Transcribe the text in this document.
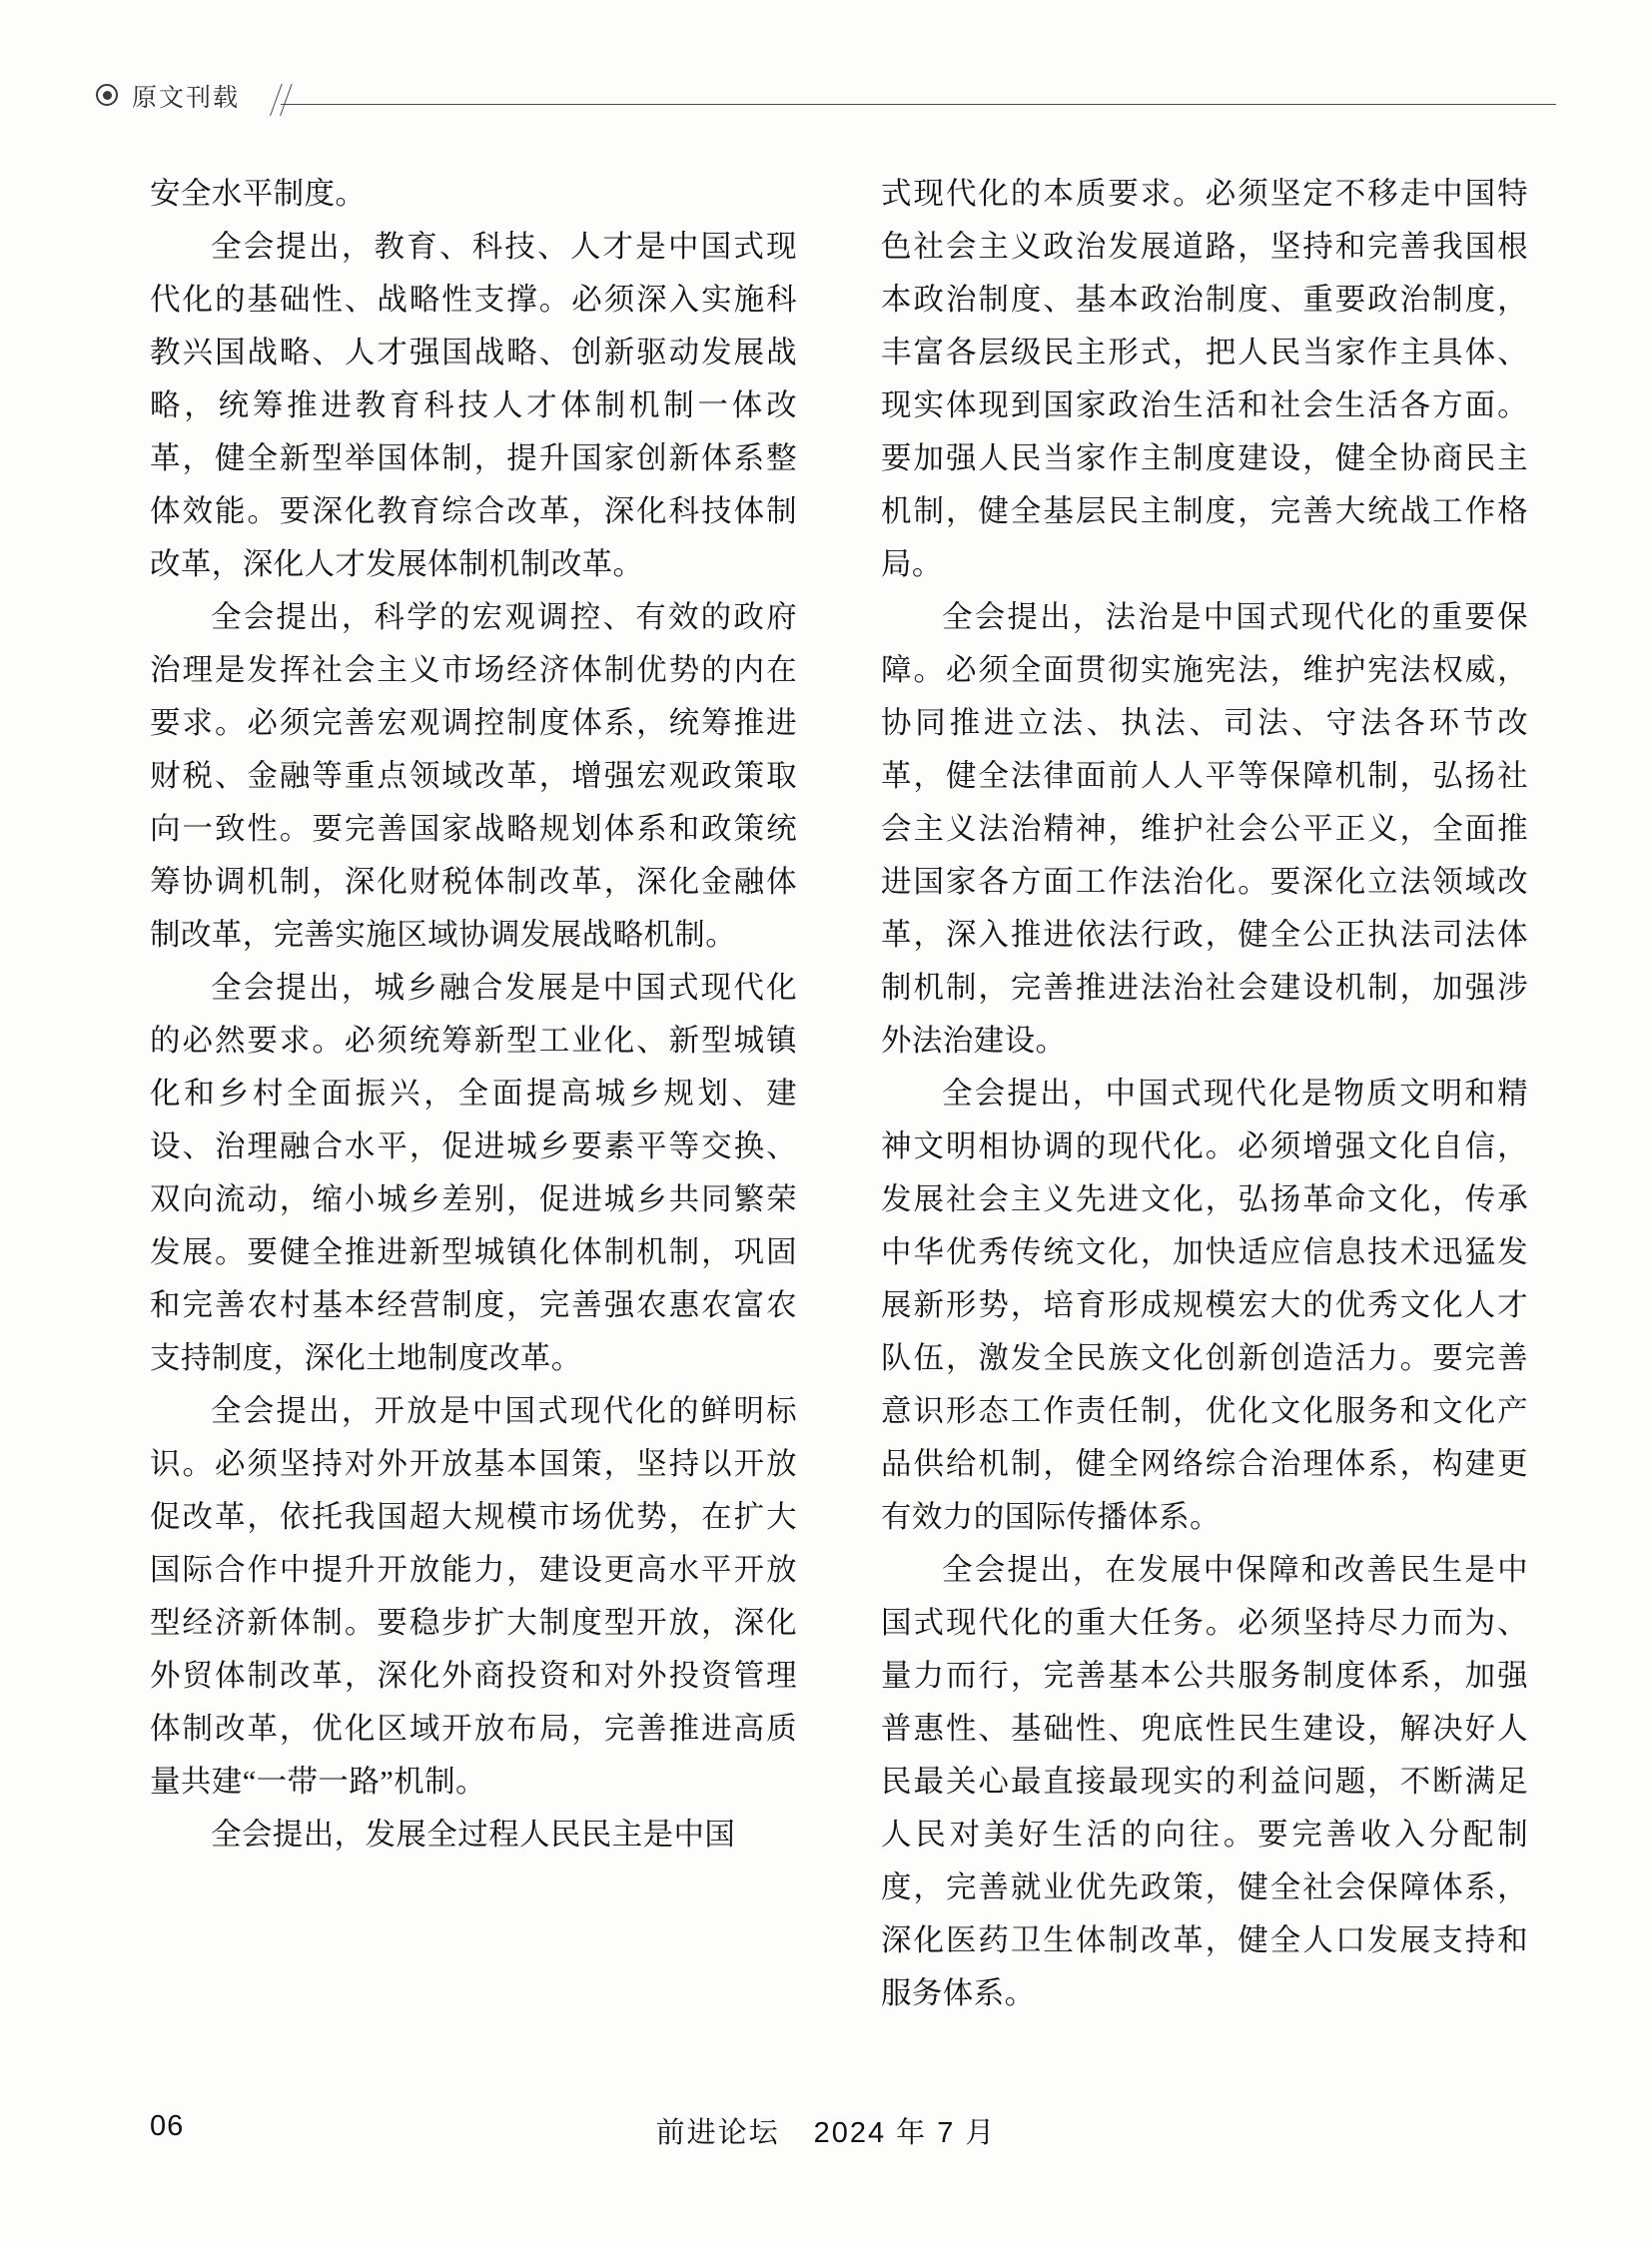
原文刊载

安全水平制度。

全会提出，教育、科技、人才是中国式现代化的基础性、战略性支撑。必须深入实施科教兴国战略、人才强国战略、创新驱动发展战略，统筹推进教育科技人才体制机制一体改革，健全新型举国体制，提升国家创新体系整体效能。要深化教育综合改革，深化科技体制改革，深化人才发展体制机制改革。

全会提出，科学的宏观调控、有效的政府治理是发挥社会主义市场经济体制优势的内在要求。必须完善宏观调控制度体系，统筹推进财税、金融等重点领域改革，增强宏观政策取向一致性。要完善国家战略规划体系和政策统筹协调机制，深化财税体制改革，深化金融体制改革，完善实施区域协调发展战略机制。

全会提出，城乡融合发展是中国式现代化的必然要求。必须统筹新型工业化、新型城镇化和乡村全面振兴，全面提高城乡规划、建设、治理融合水平，促进城乡要素平等交换、双向流动，缩小城乡差别，促进城乡共同繁荣发展。要健全推进新型城镇化体制机制，巩固和完善农村基本经营制度，完善强农惠农富农支持制度，深化土地制度改革。

全会提出，开放是中国式现代化的鲜明标识。必须坚持对外开放基本国策，坚持以开放促改革，依托我国超大规模市场优势，在扩大国际合作中提升开放能力，建设更高水平开放型经济新体制。要稳步扩大制度型开放，深化外贸体制改革，深化外商投资和对外投资管理体制改革，优化区域开放布局，完善推进高质量共建“一带一路”机制。

全会提出，发展全过程人民民主是中国

式现代化的本质要求。必须坚定不移走中国特色社会主义政治发展道路，坚持和完善我国根本政治制度、基本政治制度、重要政治制度，丰富各层级民主形式，把人民当家作主具体、现实体现到国家政治生活和社会生活各方面。要加强人民当家作主制度建设，健全协商民主机制，健全基层民主制度，完善大统战工作格局。

全会提出，法治是中国式现代化的重要保障。必须全面贯彻实施宪法，维护宪法权威，协同推进立法、执法、司法、守法各环节改革，健全法律面前人人平等保障机制，弘扬社会主义法治精神，维护社会公平正义，全面推进国家各方面工作法治化。要深化立法领域改革，深入推进依法行政，健全公正执法司法体制机制，完善推进法治社会建设机制，加强涉外法治建设。

全会提出，中国式现代化是物质文明和精神文明相协调的现代化。必须增强文化自信，发展社会主义先进文化，弘扬革命文化，传承中华优秀传统文化，加快适应信息技术迅猛发展新形势，培育形成规模宏大的优秀文化人才队伍，激发全民族文化创新创造活力。要完善意识形态工作责任制，优化文化服务和文化产品供给机制，健全网络综合治理体系，构建更有效力的国际传播体系。

全会提出，在发展中保障和改善民生是中国式现代化的重大任务。必须坚持尽力而为、量力而行，完善基本公共服务制度体系，加强普惠性、基础性、兜底性民生建设，解决好人民最关心最直接最现实的利益问题，不断满足人民对美好生活的向往。要完善收入分配制度，完善就业优先政策，健全社会保障体系，深化医药卫生体制改革，健全人口发展支持和服务体系。

06	前进论坛 2024 年 7 月
